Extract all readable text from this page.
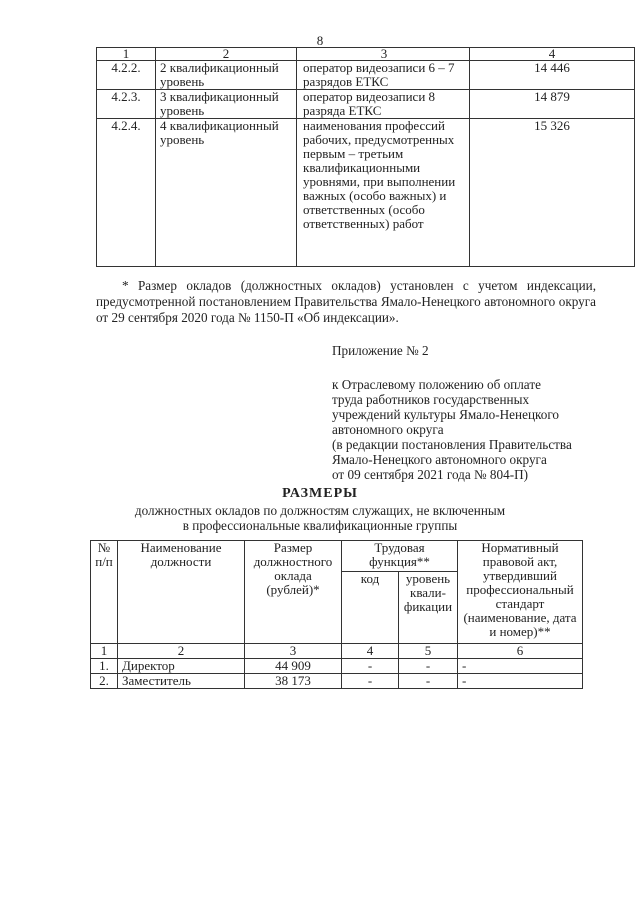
8
1	2	3	4
4.2.2.	2 квалификационный уровень	оператор видеозаписи 6 – 7 разрядов ЕТКС	14 446
4.2.3.	3 квалификационный уровень	оператор видеозаписи 8 разряда ЕТКС	14 879
4.2.4.	4 квалификационный уровень	наименования профессий рабочих, предусмотренных первым – третьим квалификационными уровнями, при выполнении важных (особо важных) и ответственных (особо ответственных) работ	15 326

* Размер окладов (должностных окладов) установлен с учетом индексации, предусмотренной постановлением Правительства Ямало-Ненецкого автономного округа от 29 сентября 2020 года № 1150-П «Об индексации».

Приложение № 2
к Отраслевому положению об оплате
труда работников государственных
учреждений культуры Ямало-Ненецкого
автономного округа
(в редакции постановления Правительства
Ямало-Ненецкого автономного округа
от 09 сентября 2021 года № 804-П)
РАЗМЕРЫ
должностных окладов по должностям служащих, не включенным
в профессиональные квалификационные группы
№ п/п	Наименование должности	Размер должностного оклада (рублей)*	Трудовая функция**		Нормативный правовой акт, утвердивший профессиональный стандарт (наименование, дата и номер)**
			код	уровень квали-фикации	
1	2	3	4	5	6
1.	Директор	44 909	-	-	-
2.	Заместитель	38 173	-	-	-
